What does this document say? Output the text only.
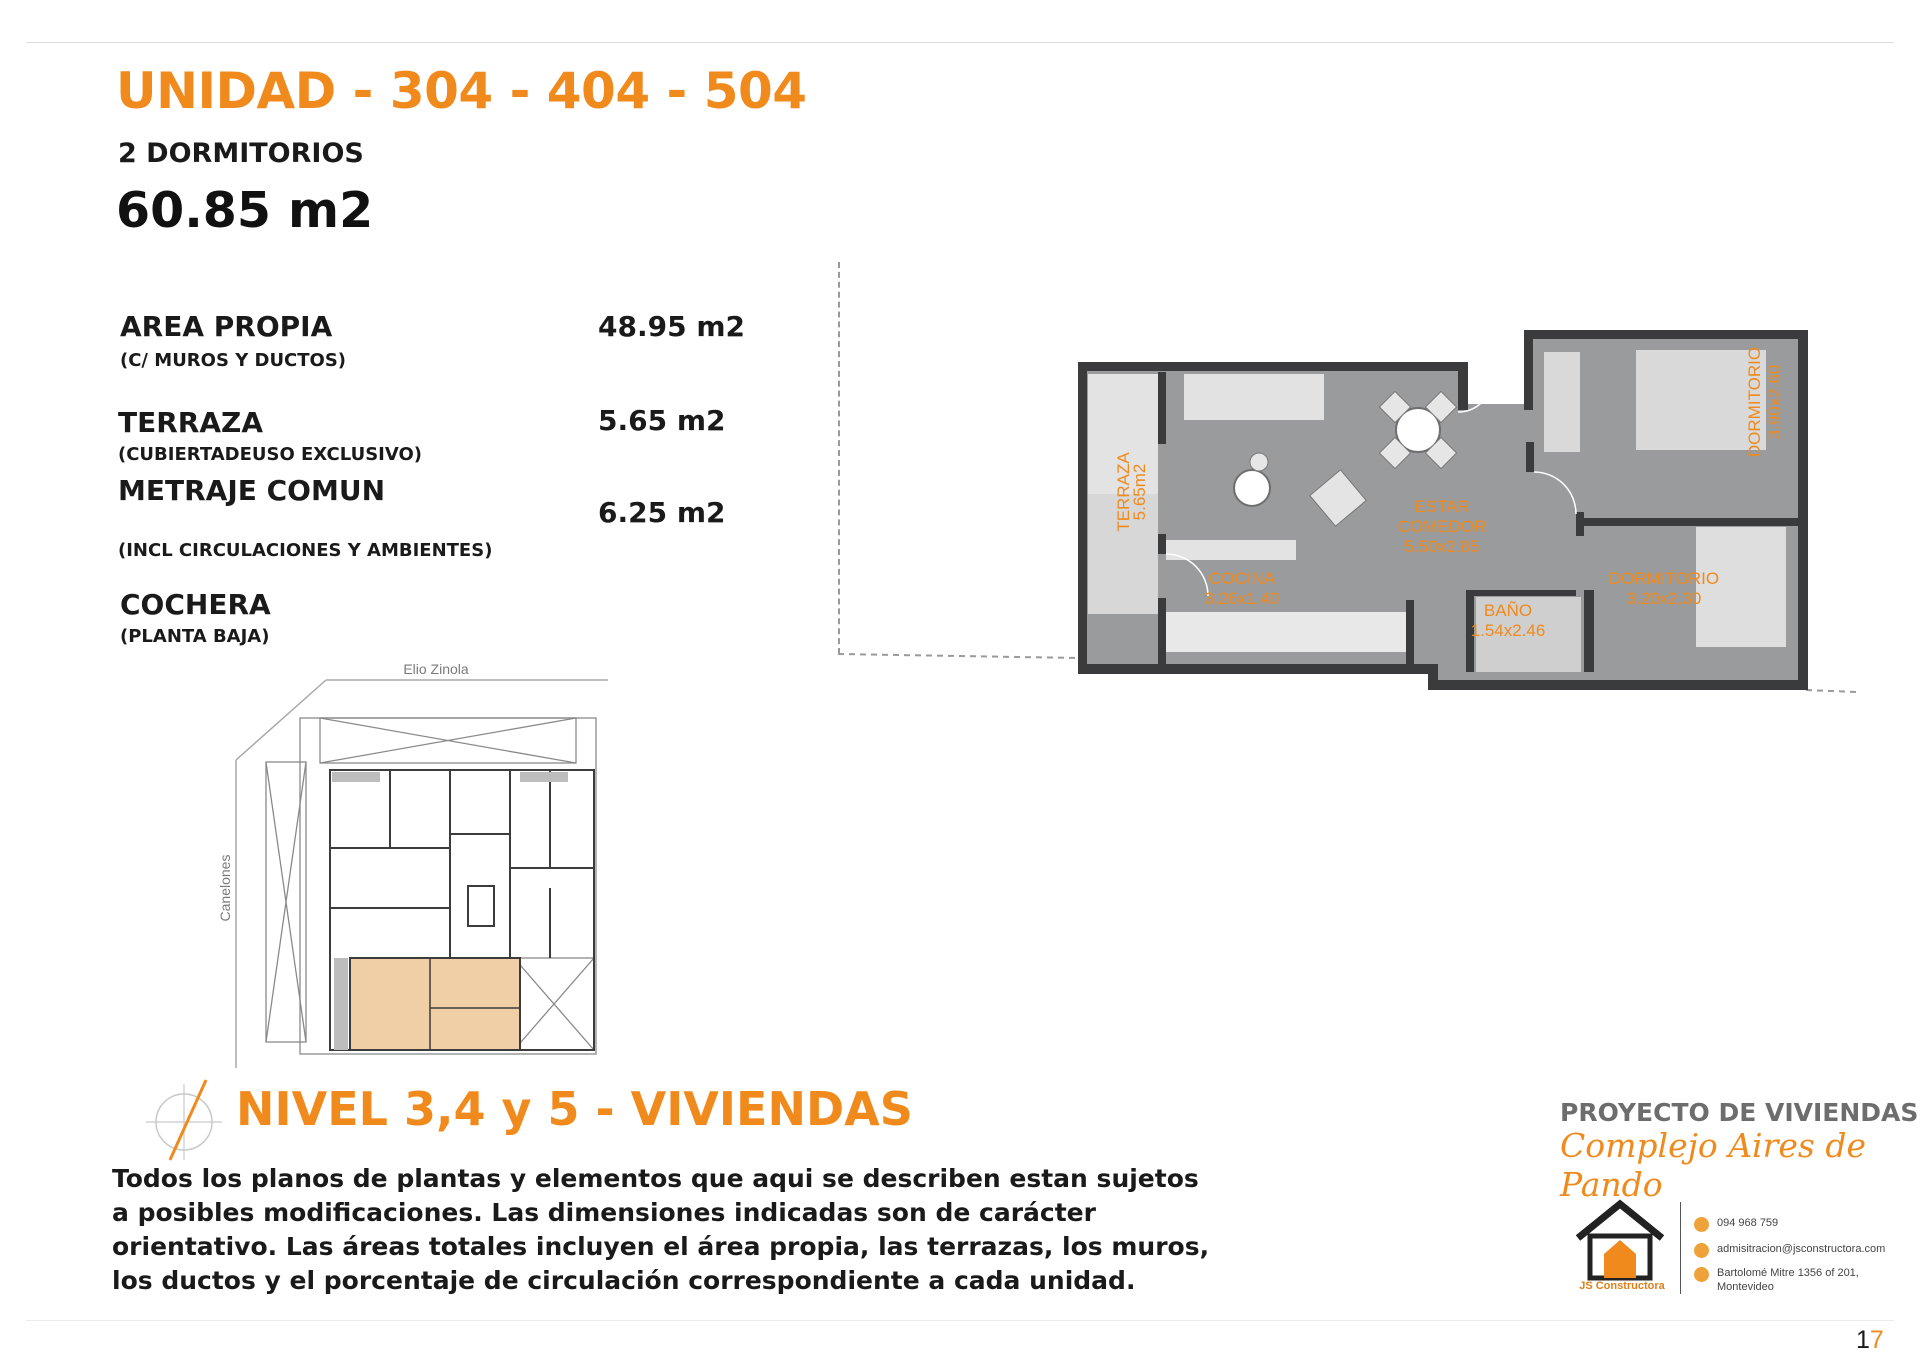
UNIDAD - 304 - 404 - 504
2 DORMITORIOS
60.85 m2
AREA PROPIA
(C/ MUROS Y DUCTOS)
48.95 m2
TERRAZA
(CUBIERTADEUSO EXCLUSIVO)
5.65 m2
METRAJE COMUN
(INCL CIRCULACIONES Y AMBIENTES)
6.25 m2
COCHERA
(PLANTA BAJA)
TERRAZA
5.65m2	ESTAR
COMEDOR
5.50x2.85
COCINA
3.26x1.40
BAÑO
1.54x2.46
DORMITORIO
3.20x2.30
DORMITORIO 3.90x2.60
Elio Zinola
Canelones
NIVEL 3,4 y 5 - VIVIENDAS

Todos los planos de plantas y elementos que aqui se describen estan sujetos a posibles modificaciones. Las dimensiones indicadas son de carácter orientativo. Las áreas totales incluyen el área propia, las terrazas, los muros, los ductos y el porcentaje de circulación correspondiente a cada unidad.

PROYECTO DE VIVIENDAS
Complejo Aires de Pando
JS Constructora
094 968 759
admisitracion@jsconstructora.com
Bartolomé Mitre 1356 of 201,
Montevideo
17
